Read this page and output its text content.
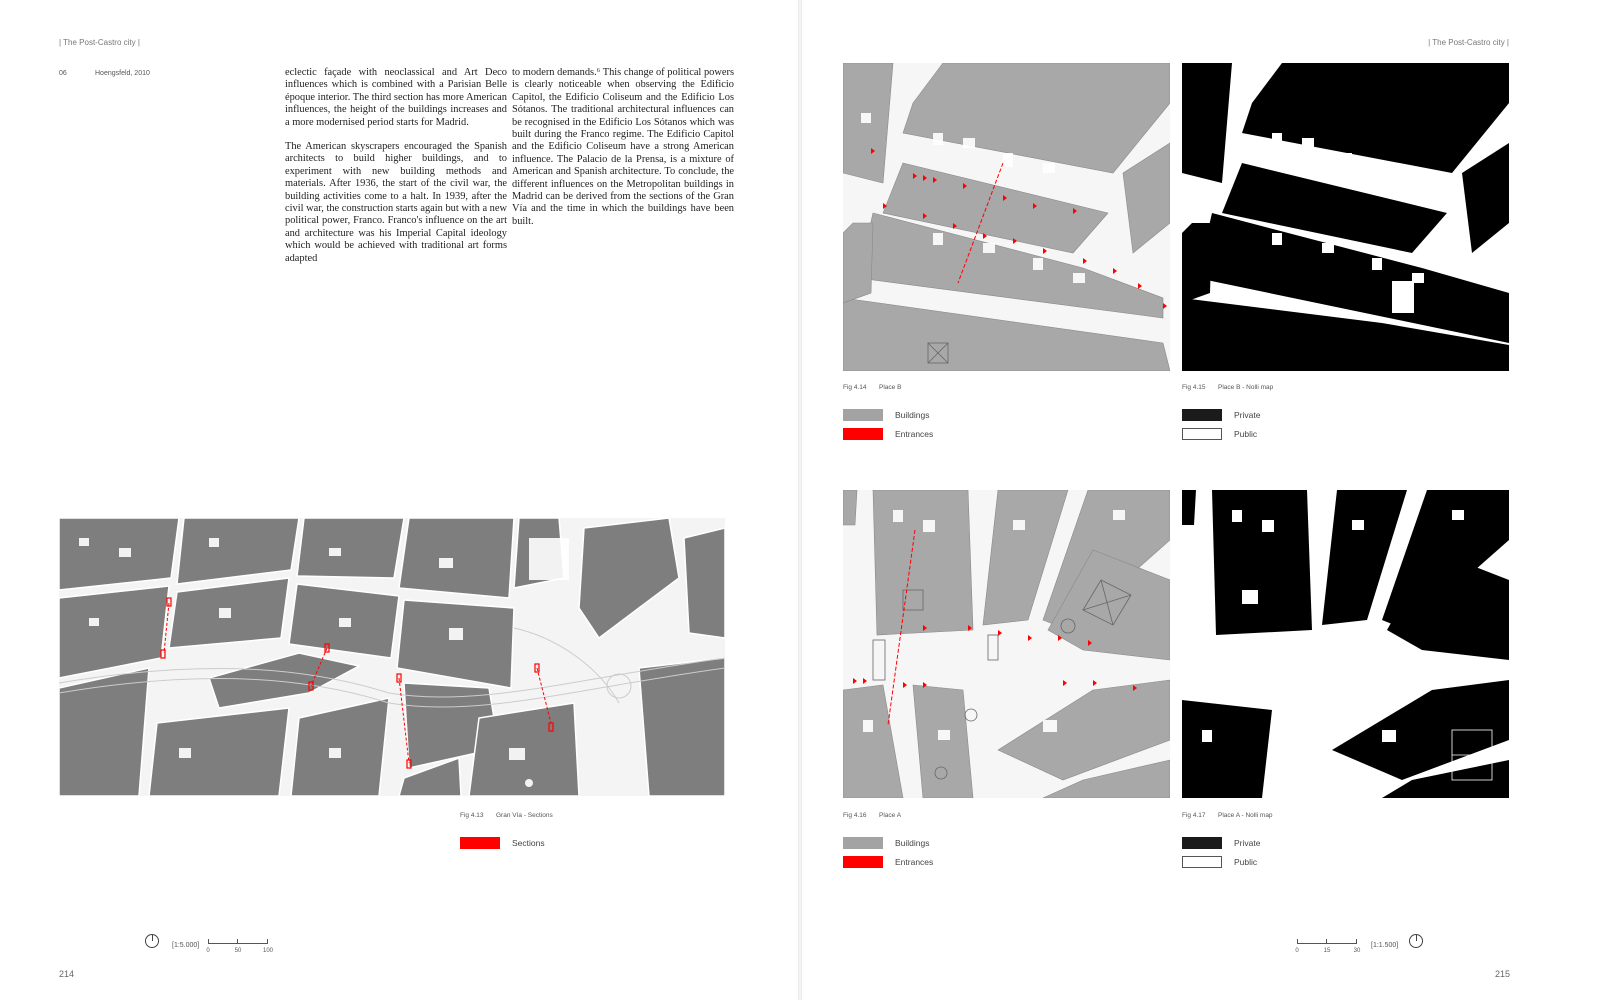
| The Post-Castro city |
06	Hoengsfeld, 2010	eclectic façade with neoclassical and Art Deco influences which is combined with a Parisian Belle époque interior. The third section has more American influences, the height of the buildings increases and a more modernised period starts for Madrid.

The American skyscrapers encouraged the Spanish architects to build higher buildings, and to experiment with new building methods and materials. After 1936, the start of the civil war, the building activities come to a halt. In 1939, after the civil war, the construction starts again but with a new political power, Franco. Franco's influence on the art and architecture was his Imperial Capital ideology which would be achieved with traditional art forms adapted

to modern demands.⁶ This change of political powers is clearly noticeable when observing the Edificio Capitol, the Edificio Coliseum and the Edificio Los Sótanos. The traditional architectural influences can be recognised in the Edificio Los Sótanos which was built during the Franco regime. The Edificio Capitol and the Edificio Coliseum have a strong American influence. The Palacio de la Prensa, is a mixture of American and Spanish architecture. To conclude, the different influences on the Metropolitan buildings in Madrid can be derived from the sections of the Gran Vía and the time in which the buildings have been built.

Fig 4.13 Gran Vía - Sections
Sections
[1:5.000]
0	50	100
214
| The Post-Castro city |
Fig 4.14 Place B	Fig 4.15 Place B - Nolli map
Buildings
Entrances
Private
Public
Fig 4.16 Place A	Fig 4.17 Place A - Nolli map
Buildings
Entrances
Private
Public
0	15	30
[1:1.500]
215
